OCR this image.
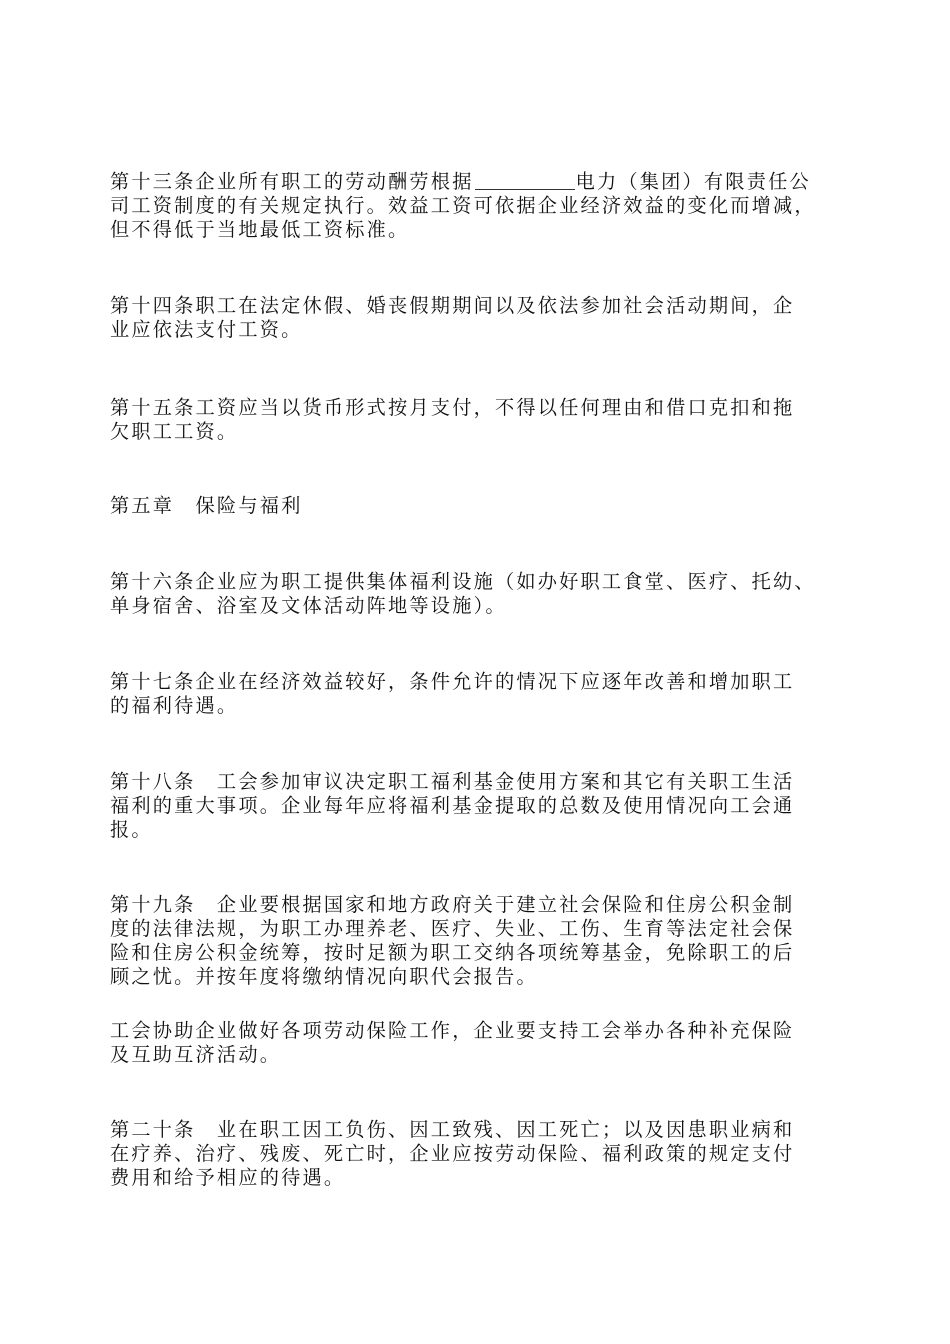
第十三条企业所有职工的劳动酬劳根据	电力（集团）有限责任公
司工资制度的有关规定执行。效益工资可依据企业经济效益的变化而增减，
但不得低于当地最低工资标准。
第十四条职工在法定休假、婚丧假期期间以及依法参加社会活动期间，企
业应依法支付工资。
第十五条工资应当以货币形式按月支付，不得以任何理由和借口克扣和拖
欠职工工资。
第五章　保险与福利
第十六条企业应为职工提供集体福利设施（如办好职工食堂、医疗、托幼、
单身宿舍、浴室及文体活动阵地等设施）。
第十七条企业在经济效益较好，条件允许的情况下应逐年改善和增加职工
的福利待遇。
第十八条　工会参加审议决定职工福利基金使用方案和其它有关职工生活
福利的重大事项。企业每年应将福利基金提取的总数及使用情况向工会通
报。
第十九条　企业要根据国家和地方政府关于建立社会保险和住房公积金制
度的法律法规，为职工办理养老、医疗、失业、工伤、生育等法定社会保
险和住房公积金统筹，按时足额为职工交纳各项统筹基金，免除职工的后
顾之忧。并按年度将缴纳情况向职代会报告。
工会协助企业做好各项劳动保险工作，企业要支持工会举办各种补充保险
及互助互济活动。
第二十条　业在职工因工负伤、因工致残、因工死亡；以及因患职业病和
在疗养、治疗、残废、死亡时，企业应按劳动保险、福利政策的规定支付
费用和给予相应的待遇。
